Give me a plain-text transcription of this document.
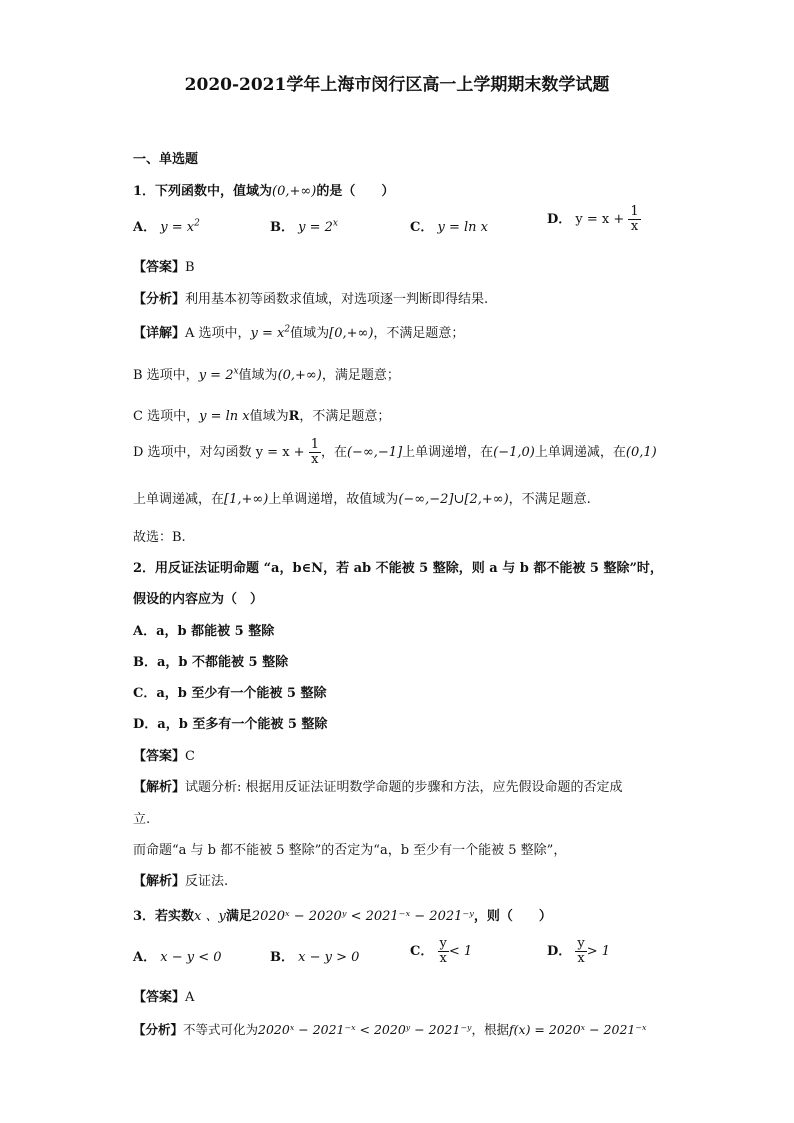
2020-2021学年上海市闵行区高一上学期期末数学试题
一、单选题
1．下列函数中，值域为(0,+∞)的是（　　）
A． $y = x^2$	B． $y = 2^x$	C． y = ln x
D． $y = x + \frac{1}{x}$
【答案】B
【分析】利用基本初等函数求值域，对选项逐一判断即得结果.
【详解】A 选项中，$y = x^2$值域为[0,+∞)，不满足题意；
B 选项中，$y = 2^x$值域为(0,+∞)，满足题意；
C 选项中，y = ln x值域为R，不满足题意；
D 选项中，对勾函数 $y = x + \frac{1}{x}$ ，在(−∞,−1]上单调递增，在(−1,0)上单调递减，在(0,1)
上单调递减，在[1,+∞)上单调递增，故值域为(−∞,−2]∪[2,+∞)，不满足题意.
故选：B.
2．用反证法证明命题 “a，b∈N，若 ab 不能被 5 整除，则 a 与 b 都不能被 5 整除”时，
假设的内容应为（　）
A．a，b 都能被 5 整除
B．a，b 不都能被 5 整除
C．a，b 至少有一个能被 5 整除
D．a，b 至多有一个能被 5 整除
【答案】C
【解析】试题分析: 根据用反证法证明数学命题的步骤和方法，应先假设命题的否定成
立.
而命题“a 与 b 都不能被 5 整除”的否定为“a，b 至少有一个能被 5 整除”，
【解析】反证法.
3．若实数x 、y满足2020ˣ − 2020ʸ < 2021⁻ˣ − 2021⁻ʸ，则（　　）
A． x − y < 0	B． x − y > 0	C． $\frac{y}{x} < 1$	D． $\frac{y}{x} > 1$
【答案】A
【分析】不等式可化为2020ˣ − 2021⁻ˣ < 2020ʸ − 2021⁻ʸ，根据f(x) = 2020ˣ − 2021⁻ˣ
